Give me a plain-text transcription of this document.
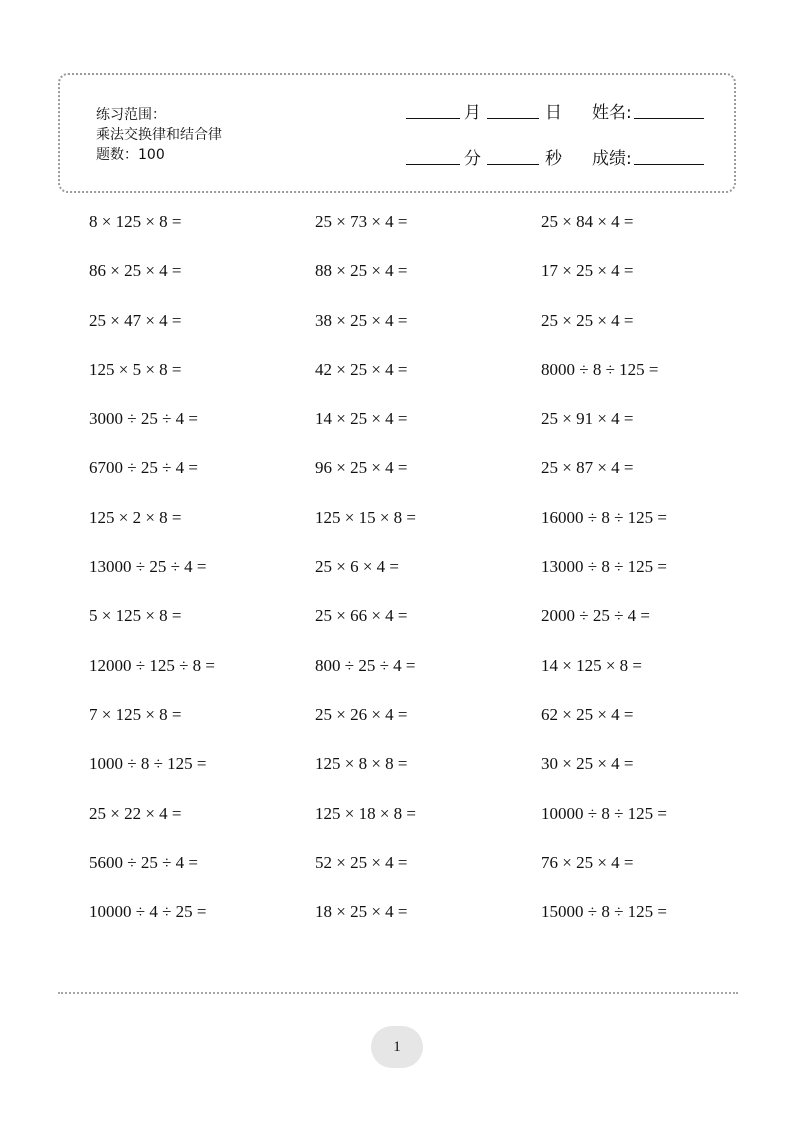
练习范围：
乘法交换律和结合律
题数：100
月	日 姓名:
分	秒 成绩:
8 × 125 × 8 =	25 × 73 × 4 =	25 × 84 × 4 =
86 × 25 × 4 =	88 × 25 × 4 =	17 × 25 × 4 =
25 × 47 × 4 =	38 × 25 × 4 =	25 × 25 × 4 =
125 × 5 × 8 =	42 × 25 × 4 =	8000 ÷ 8 ÷ 125 =
3000 ÷ 25 ÷ 4 =	14 × 25 × 4 =	25 × 91 × 4 =
6700 ÷ 25 ÷ 4 =	96 × 25 × 4 =	25 × 87 × 4 =
125 × 2 × 8 =	125 × 15 × 8 =	16000 ÷ 8 ÷ 125 =
13000 ÷ 25 ÷ 4 =	25 × 6 × 4 =	13000 ÷ 8 ÷ 125 =
5 × 125 × 8 =	25 × 66 × 4 =	2000 ÷ 25 ÷ 4 =
12000 ÷ 125 ÷ 8 =	800 ÷ 25 ÷ 4 =	14 × 125 × 8 =
7 × 125 × 8 =	25 × 26 × 4 =	62 × 25 × 4 =
1000 ÷ 8 ÷ 125 =	125 × 8 × 8 =	30 × 25 × 4 =
25 × 22 × 4 =	125 × 18 × 8 =	10000 ÷ 8 ÷ 125 =
5600 ÷ 25 ÷ 4 =	52 × 25 × 4 =	76 × 25 × 4 =
10000 ÷ 4 ÷ 25 =	18 × 25 × 4 =	15000 ÷ 8 ÷ 125 =
1
